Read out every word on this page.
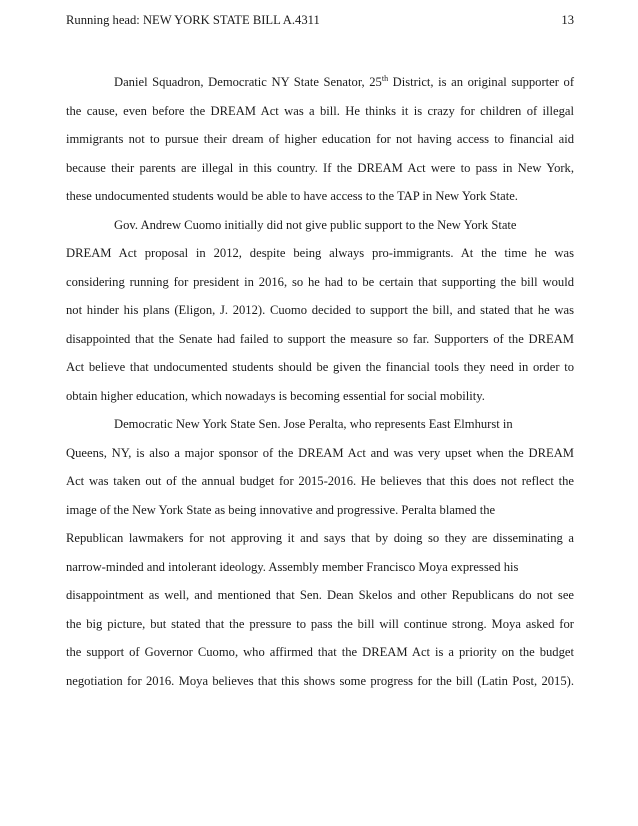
Running head: NEW YORK STATE BILL A.4311	13
Daniel Squadron, Democratic NY State Senator, 25th District, is an original supporter of
the cause, even before the DREAM Act was a bill. He thinks it is crazy for children of illegal
immigrants not to pursue their dream of higher education for not having access to financial aid
because their parents are illegal in this country. If the DREAM Act were to pass in New York,
these undocumented students would be able to have access to the TAP in New York State.
Gov. Andrew Cuomo initially did not give public support to the New York State
DREAM Act proposal in 2012, despite being always pro-immigrants. At the time he was
considering running for president in 2016, so he had to be certain that supporting the bill would
not hinder his plans (Eligon, J. 2012). Cuomo decided to support the bill, and stated that he was
disappointed that the Senate had failed to support the measure so far. Supporters of the DREAM
Act believe that undocumented students should be given the financial tools they need in order to
obtain higher education, which nowadays is becoming essential for social mobility.
Democratic New York State Sen. Jose Peralta, who represents East Elmhurst in
Queens, NY, is also a major sponsor of the DREAM Act and was very upset when the DREAM
Act was taken out of the annual budget for 2015-2016. He believes that this does not reflect the
image of the New York State as being innovative and progressive. Peralta blamed the
Republican lawmakers for not approving it and says that by doing so they are disseminating a
narrow-minded and intolerant ideology. Assembly member Francisco Moya expressed his
disappointment as well, and mentioned that Sen. Dean Skelos and other Republicans do not see
the big picture, but stated that the pressure to pass the bill will continue strong. Moya asked for
the support of Governor Cuomo, who affirmed that the DREAM Act is a priority on the budget
negotiation for 2016. Moya believes that this shows some progress for the bill (Latin Post, 2015).
